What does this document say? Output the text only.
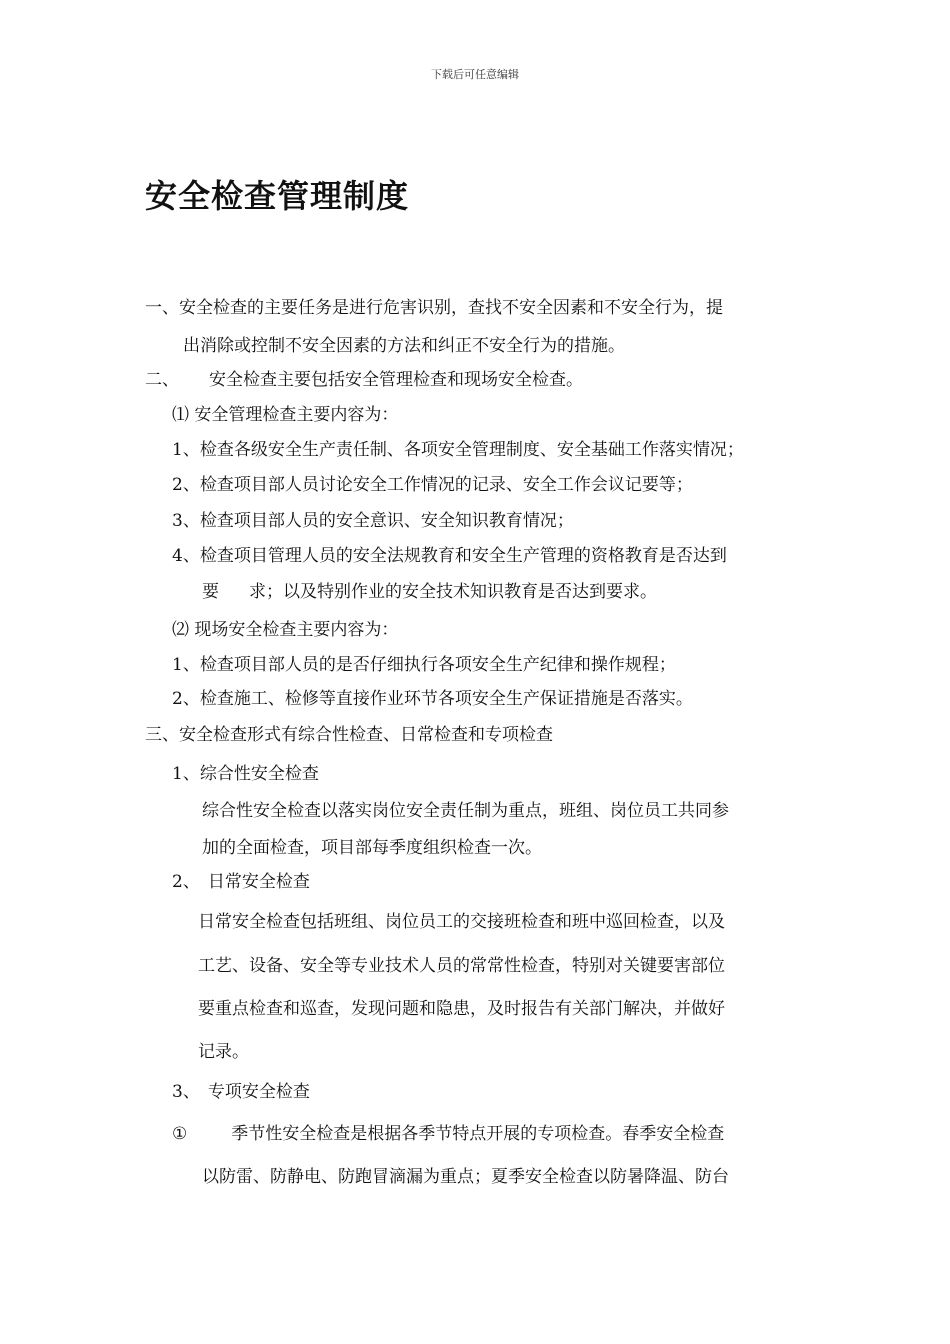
下载后可任意编辑
安全检查管理制度
一、安全检查的主要任务是进行危害识别，查找不安全因素和不安全行为，提
出消除或控制不安全因素的方法和纠正不安全行为的措施。
二、 安全检查主要包括安全管理检查和现场安全检查。
⑴ 安全管理检查主要内容为：
1、检查各级安全生产责任制、各项安全管理制度、安全基础工作落实情况；
2、检查项目部人员讨论安全工作情况的记录、安全工作会议记要等；
3、检查项目部人员的安全意识、安全知识教育情况；
4、检查项目管理人员的安全法规教育和安全生产管理的资格教育是否达到
要 求；以及特别作业的安全技术知识教育是否达到要求。
⑵ 现场安全检查主要内容为：
1、检查项目部人员的是否仔细执行各项安全生产纪律和操作规程；
2、检查施工、检修等直接作业环节各项安全生产保证措施是否落实。
三、安全检查形式有综合性检查、日常检查和专项检查
1、综合性安全检查
综合性安全检查以落实岗位安全责任制为重点，班组、岗位员工共同参
加的全面检查，项目部每季度组织检查一次。
2、 日常安全检查
日常安全检查包括班组、岗位员工的交接班检查和班中巡回检查，以及
工艺、设备、安全等专业技术人员的常常性检查，特别对关键要害部位
要重点检查和巡查，发现问题和隐患，及时报告有关部门解决，并做好
记录。
3、 专项安全检查
①	季节性安全检查是根据各季节特点开展的专项检查。春季安全检查
以防雷、防静电、防跑冒滴漏为重点；夏季安全检查以防暑降温、防台
